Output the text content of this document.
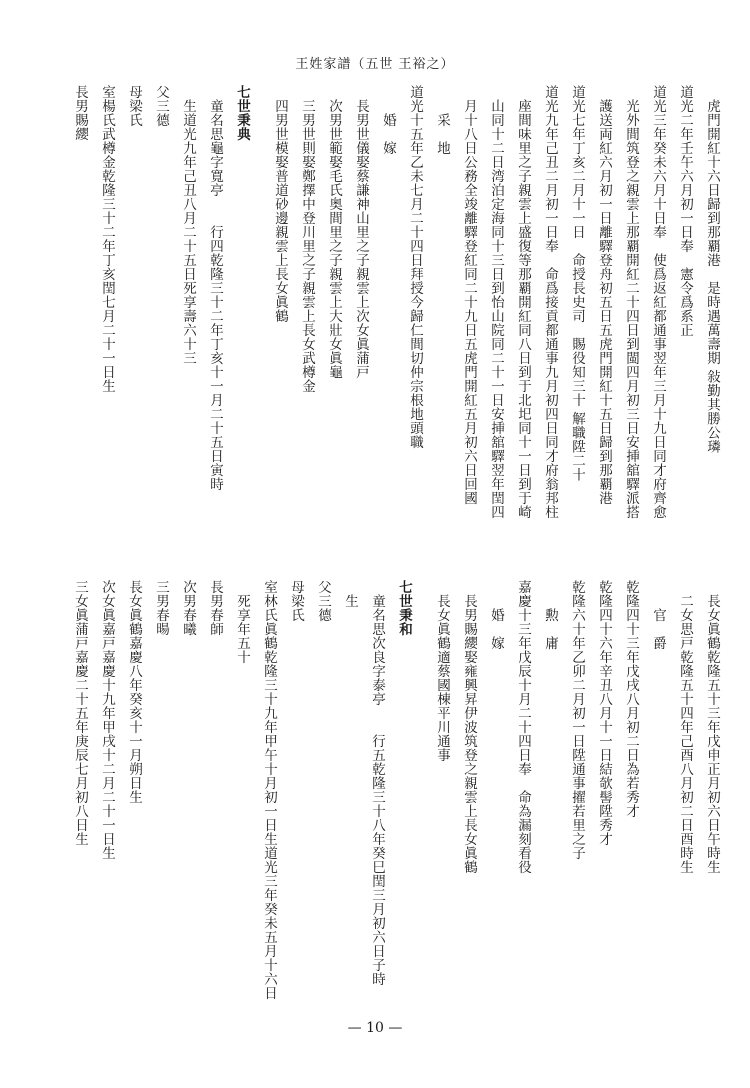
王姓家譜（五世 王裕之）
虎門開紅十六日歸到那覇港　是時遇萬壽期 敍勤其勝公璘
道光二年壬午六月初一日奉　憲令爲系正
道光三年癸未六月十日奉　使爲返紅都通事翌年三月十九日同才府齊愈
光外間筑登之親雲上那覇開紅二十四日到閩四月初三日安挿舘驛派搭
護送両紅六月初一日離驛登舟初五日五虎門開紅十五日歸到那覇港
道光七年丁亥二月十一日　命授長史司　賜役知三十 解職陞二十
道光九年己丑二月初一日奉　命爲接貢都通事九月初四日同才府翁邦柱
座間味里之子親雲上盛復等那覇開紅同八日到于北圯同十一日到于崎
山同十二日湾泊定海同十三日到怡山院同二十一日安挿舘驛翌年閏四
月十八日公務全竣離驛登紅同二十九日五虎門開紅五月初六日回國
采　地
道光十五年乙未七月二十四日拜授今歸仁間切仲宗根地頭職
婚　嫁
長男世儀娶蔡謙神山里之子親雲上次女眞蒲戸
次男世範娶毛氏奥間里之子親雲上大壯女眞龜
三男世則娶鄭擇中登川里之子親雲上長女武樽金
四男世模娶普道砂邊親雲上長女眞鶴
七世秉典
童名思龜字寬亭　　行四乾隆三十二年丁亥十一月二十五日寅時
生道光九年己丑八月二十五日死享壽六十三
父三德
母梁氏
室楊氏武樽金乾隆三十二年丁亥閏七月二十一日生
長男賜纓
長女眞鶴乾隆五十三年戊申正月初六日午時生
二女思戸乾隆五十四年己酉八月初二日酉時生
官　爵
乾隆四十三年戊戌八月初二日為若秀才
乾隆四十六年辛丑八月十一日結欹髻陞秀才
乾隆六十年乙卯二月初一日陞通事擢若里之子
勲　庸
嘉慶十三年戊辰十月二十四日奉　命為漏刻看役
婚　嫁
長男賜纓娶雍興昇伊波筑登之親雲上長女眞鶴
長女眞鶴適蔡國棟平川通事
七世秉和
童名思次良字泰亭　　行五乾隆三十八年癸巳閏三月初六日子時
生
父三德
母梁氏
室林氏眞鶴乾隆三十九年甲午十月初一日生道光三年癸未五月十六日
死享年五十
長男春師
次男春曦
三男春暘
長女眞鶴嘉慶八年癸亥十一月朔日生
次女眞嘉戸嘉慶十九年甲戌十二月二十一日生
三女眞蒲戸嘉慶二十五年庚辰七月初八日生
— 10 —
